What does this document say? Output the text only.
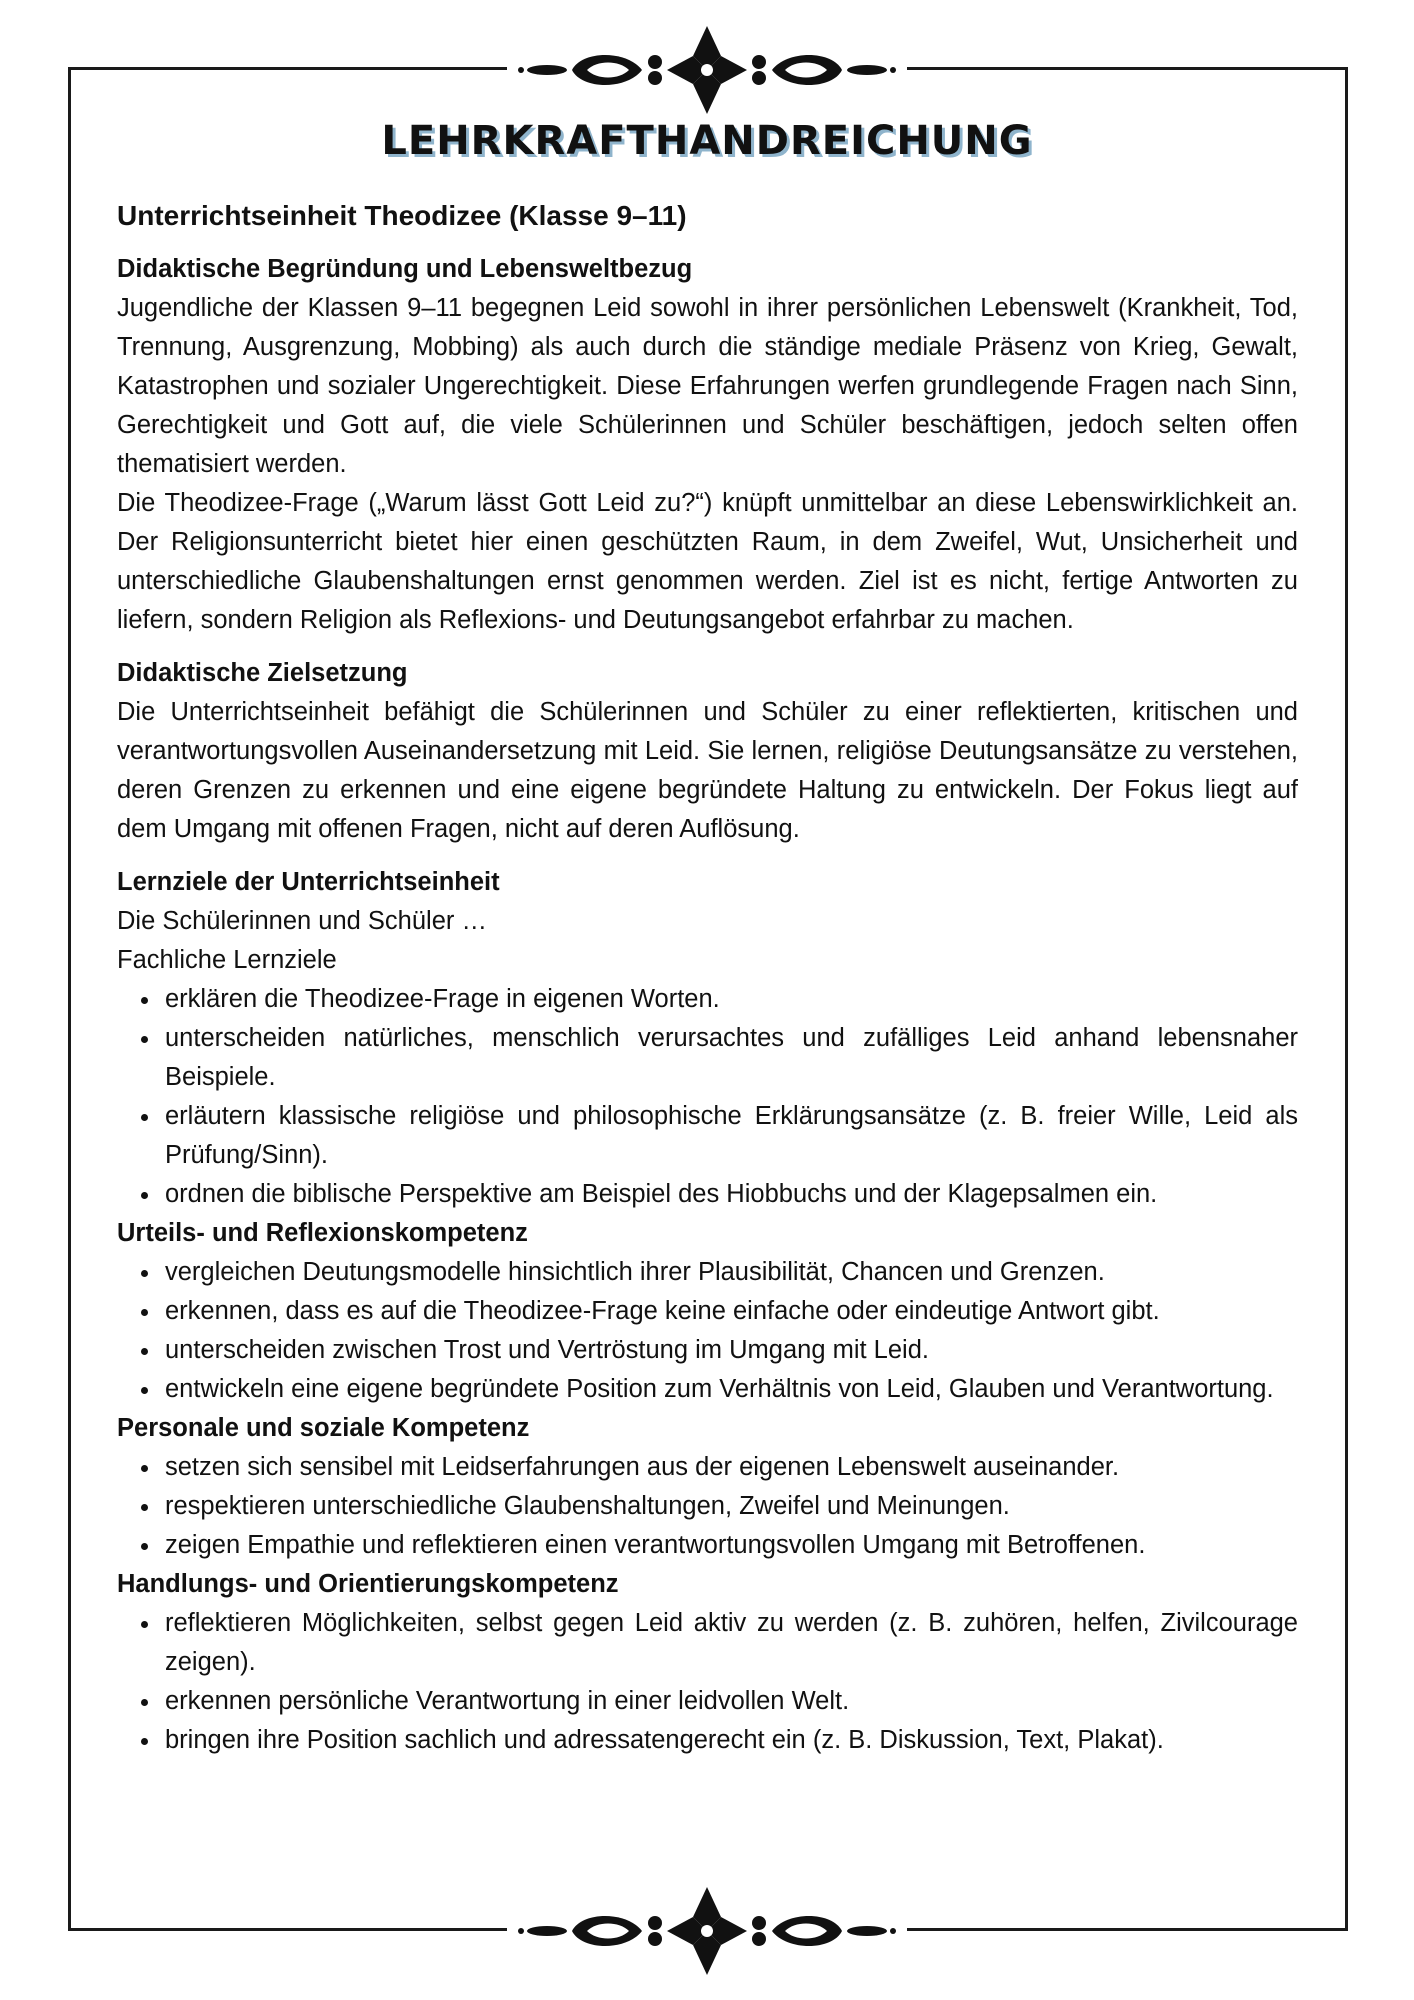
LEHRKRAFTHANDREICHUNG

Unterrichtseinheit Theodizee (Klasse 9–11)

Didaktische Begründung und Lebensweltbezug

Jugendliche der Klassen 9–11 begegnen Leid sowohl in ihrer persönlichen Lebenswelt (Krankheit, Tod, Trennung, Ausgrenzung, Mobbing) als auch durch die ständige mediale Präsenz von Krieg, Gewalt, Katastrophen und sozialer Ungerechtigkeit. Diese Erfahrungen werfen grundlegende Fragen nach Sinn, Gerechtigkeit und Gott auf, die viele Schülerinnen und Schüler beschäftigen, jedoch selten offen thematisiert werden.

Die Theodizee-Frage („Warum lässt Gott Leid zu?“) knüpft unmittelbar an diese Lebenswirklichkeit an. Der Religionsunterricht bietet hier einen geschützten Raum, in dem Zweifel, Wut, Unsicherheit und unterschiedliche Glaubenshaltungen ernst genommen werden. Ziel ist es nicht, fertige Antworten zu liefern, sondern Religion als Reflexions- und Deutungsangebot erfahrbar zu machen.

Didaktische Zielsetzung

Die Unterrichtseinheit befähigt die Schülerinnen und Schüler zu einer reflektierten, kritischen und verantwortungsvollen Auseinandersetzung mit Leid. Sie lernen, religiöse Deutungsansätze zu verstehen, deren Grenzen zu erkennen und eine eigene begründete Haltung zu entwickeln. Der Fokus liegt auf dem Umgang mit offenen Fragen, nicht auf deren Auflösung.

Lernziele der Unterrichtseinheit

Die Schülerinnen und Schüler …

Fachliche Lernziele

erklären die Theodizee-Frage in eigenen Worten.
unterscheiden natürliches, menschlich verursachtes und zufälliges Leid anhand lebensnaher Beispiele.
erläutern klassische religiöse und philosophische Erklärungsansätze (z. B. freier Wille, Leid als Prüfung/Sinn).
ordnen die biblische Perspektive am Beispiel des Hiobbuchs und der Klagepsalmen ein.

Urteils- und Reflexionskompetenz

vergleichen Deutungsmodelle hinsichtlich ihrer Plausibilität, Chancen und Grenzen.
erkennen, dass es auf die Theodizee-Frage keine einfache oder eindeutige Antwort gibt.
unterscheiden zwischen Trost und Vertröstung im Umgang mit Leid.
entwickeln eine eigene begründete Position zum Verhältnis von Leid, Glauben und Verantwortung.

Personale und soziale Kompetenz

setzen sich sensibel mit Leidserfahrungen aus der eigenen Lebenswelt auseinander.
respektieren unterschiedliche Glaubenshaltungen, Zweifel und Meinungen.
zeigen Empathie und reflektieren einen verantwortungsvollen Umgang mit Betroffenen.

Handlungs- und Orientierungskompetenz

reflektieren Möglichkeiten, selbst gegen Leid aktiv zu werden (z. B. zuhören, helfen, Zivilcourage zeigen).
erkennen persönliche Verantwortung in einer leidvollen Welt.
bringen ihre Position sachlich und adressatengerecht ein (z. B. Diskussion, Text, Plakat).
